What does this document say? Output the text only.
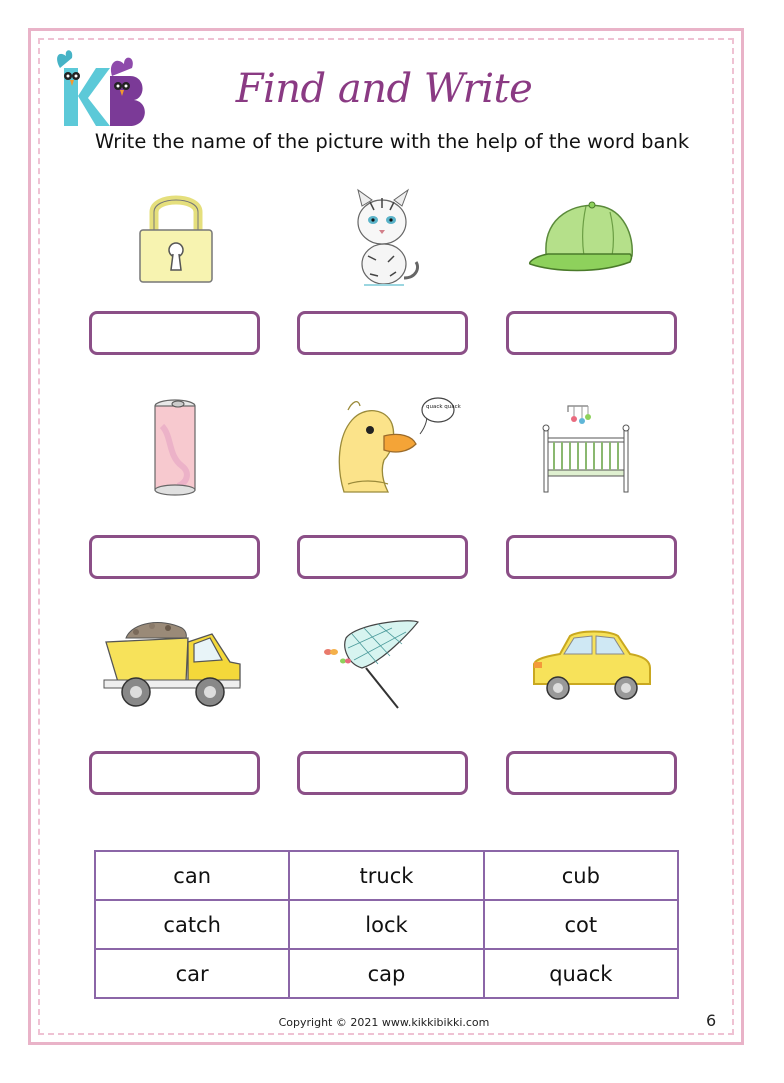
Find and Write
Write the name of the picture with the help of the word bank
quack quack
can	truck	cub
catch	lock	cot
car	cap	quack
Copyright © 2021 www.kikkibikki.com	6
